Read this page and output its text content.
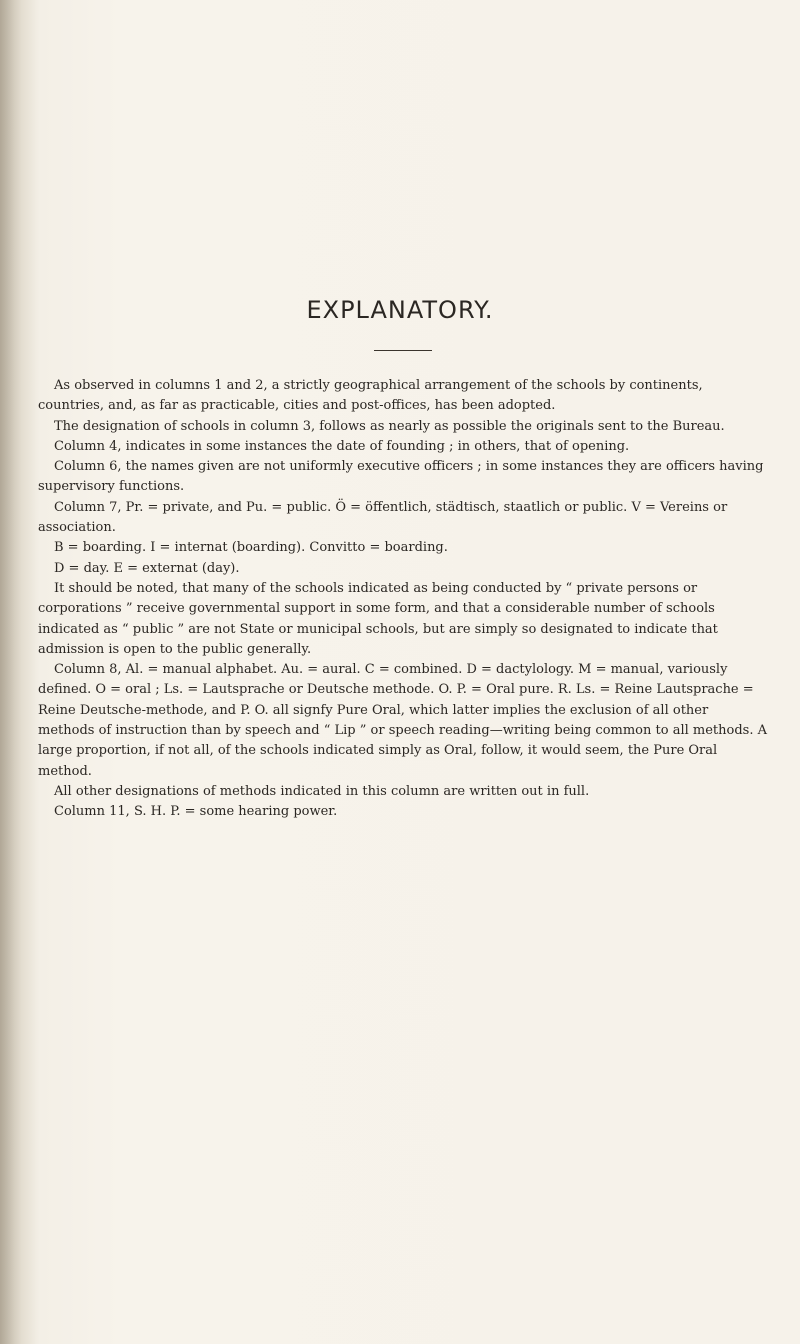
EXPLANATORY.

As observed in columns 1 and 2, a strictly geographical arrangement of the schools by continents, countries, and, as far as practicable, cities and post-offices, has been adopted.

The designation of schools in column 3, follows as nearly as possible the originals sent to the Bureau.

Column 4, indicates in some instances the date of founding ; in others, that of opening.

Column 6, the names given are not uniformly executive officers ; in some instances they are officers having supervisory functions.

Column 7, Pr. = private, and Pu. = public. Ö = öffentlich, städtisch, staatlich or public. V = Vereins or association.

B = boarding. I = internat (boarding). Convitto = boarding.

D = day. E = externat (day).

It should be noted, that many of the schools indicated as being conducted by “ private persons or corporations ” receive governmental support in some form, and that a considerable number of schools indicated as “ public ” are not State or municipal schools, but are simply so designated to indicate that admission is open to the public generally.

Column 8, Al. = manual alphabet. Au. = aural. C = combined. D = dactylology. M = manual, variously defined. O = oral ; Ls. = Lautsprache or Deutsche methode. O. P. = Oral pure. R. Ls. = Reine Lautsprache = Reine Deutsche-methode, and P. O. all signfy Pure Oral, which latter implies the exclusion of all other methods of instruction than by speech and “ Lip ” or speech reading—writing being common to all methods. A large proportion, if not all, of the schools indicated simply as Oral, follow, it would seem, the Pure Oral method.

All other designations of methods indicated in this column are written out in full.

Column 11, S. H. P. = some hearing power.
